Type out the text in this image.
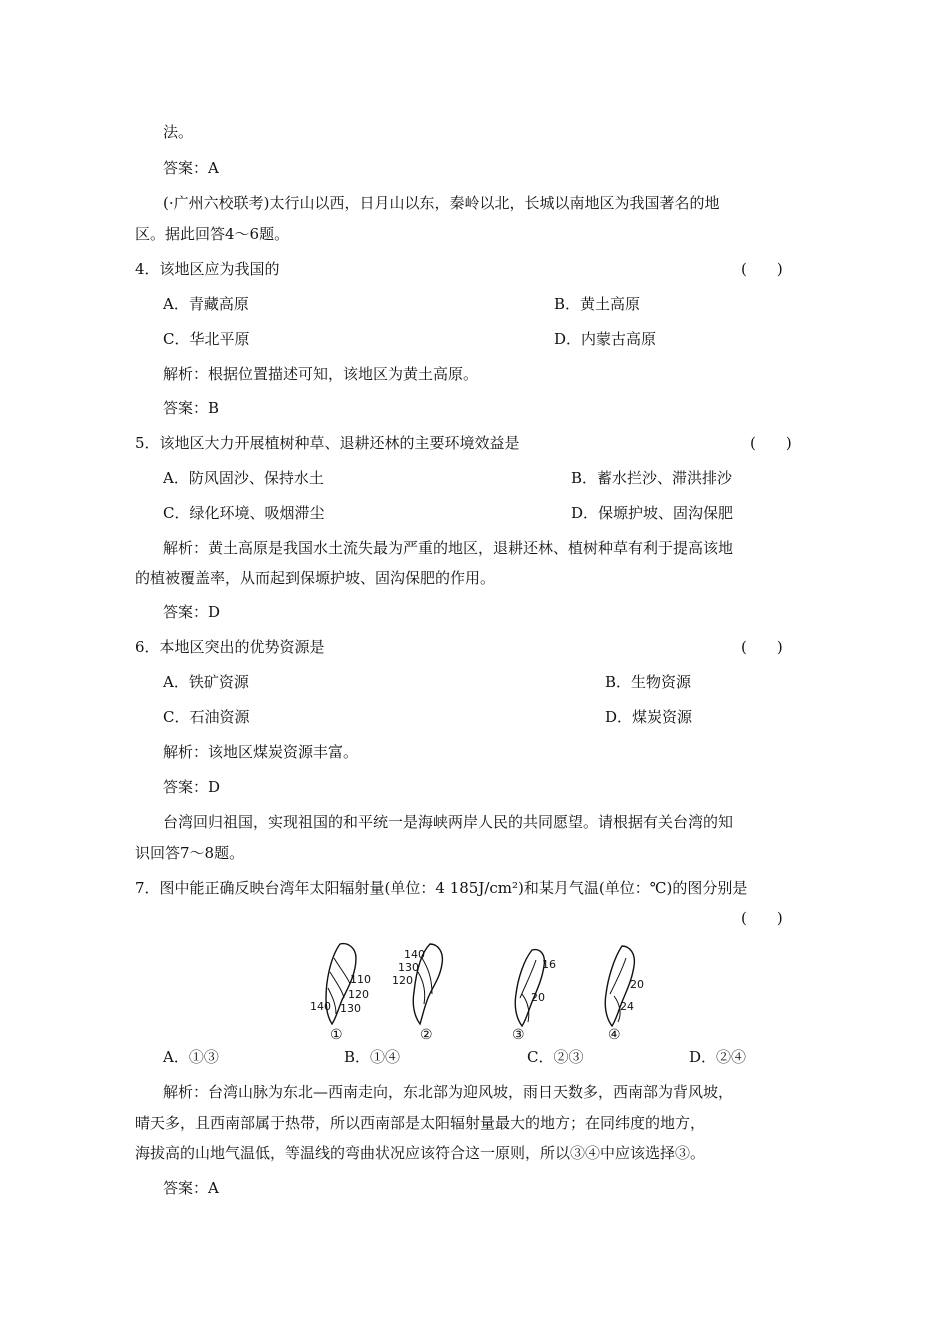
法。
答案：A
(·广州六校联考)太行山以西，日月山以东，秦岭以北，长城以南地区为我国著名的地
区。据此回答4～6题。
4．该地区应为我国的	(　　)
A．青藏高原	B．黄土高原
C．华北平原	D．内蒙古高原
解析：根据位置描述可知，该地区为黄土高原。
答案：B
5．该地区大力开展植树种草、退耕还林的主要环境效益是	(　　)
A．防风固沙、保持水土	B．蓄水拦沙、滞洪排沙
C．绿化环境、吸烟滞尘	D．保塬护坡、固沟保肥
解析：黄土高原是我国水土流失最为严重的地区，退耕还林、植树种草有利于提高该地
的植被覆盖率，从而起到保塬护坡、固沟保肥的作用。
答案：D
6．本地区突出的优势资源是	(　　)
A．铁矿资源	B．生物资源
C．石油资源	D．煤炭资源
解析：该地区煤炭资源丰富。
答案：D
台湾回归祖国，实现祖国的和平统一是海峡两岸人民的共同愿望。请根据有关台湾的知
识回答7～8题。
7．图中能正确反映台湾年太阳辐射量(单位：4 185J/cm²)和某月气温(单位：℃)的图分别是
(　　)
110
120
130
140
①
140
130
120
②
16
20
③
20
24
④
A．①③	B．①④	C．②③	D．②④
解析：台湾山脉为东北—西南走向，东北部为迎风坡，雨日天数多，西南部为背风坡，
晴天多，且西南部属于热带，所以西南部是太阳辐射量最大的地方；在同纬度的地方，
海拔高的山地气温低，等温线的弯曲状况应该符合这一原则，所以③④中应该选择③。
答案：A
